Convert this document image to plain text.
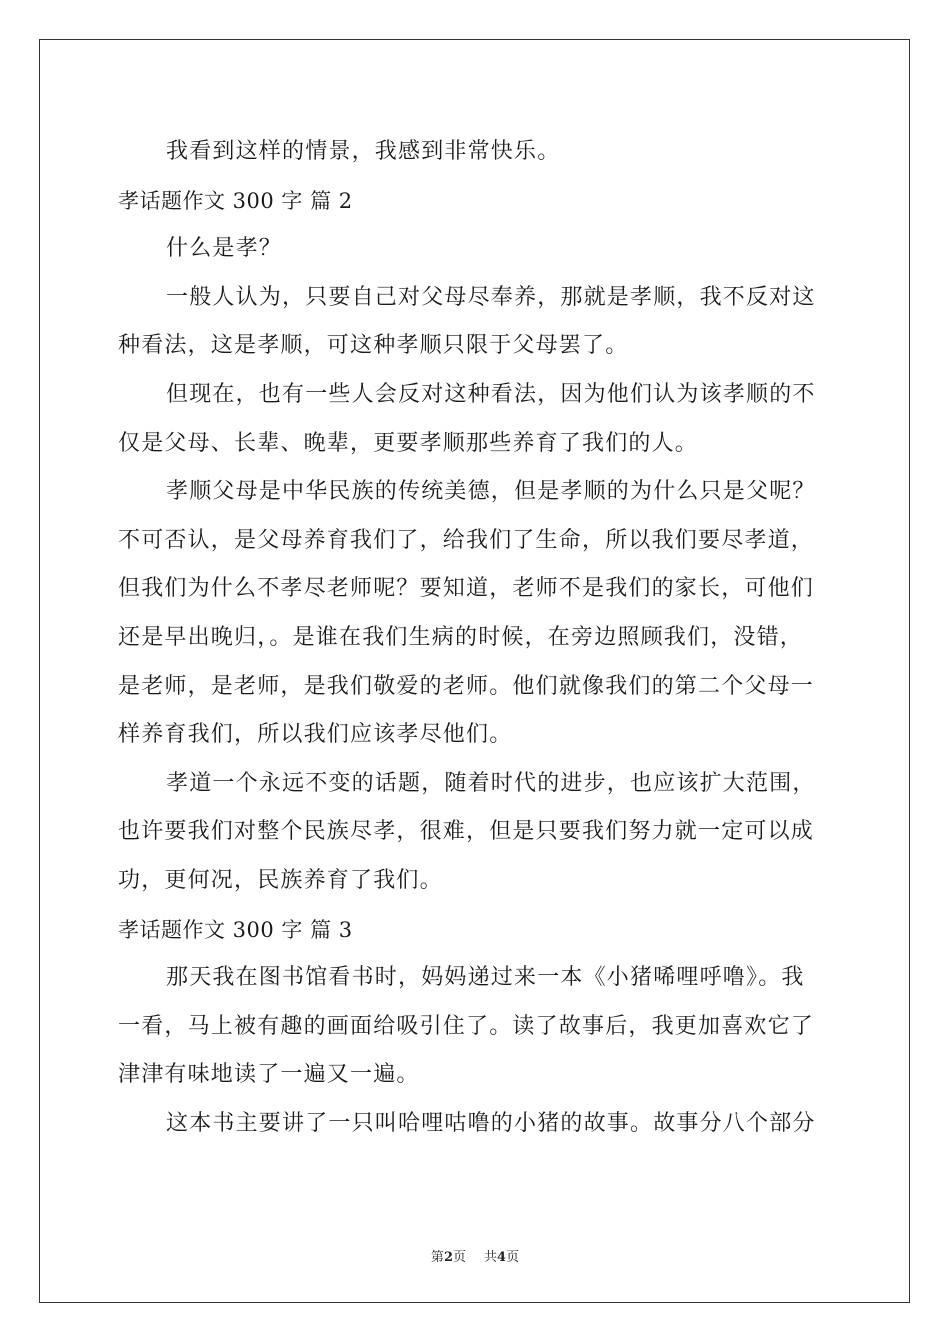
我看到这样的情景，我感到非常快乐。
孝话题作文 300 字 篇 2
什么是孝？
一般人认为，只要自己对父母尽奉养，那就是孝顺，我不反对这
种看法，这是孝顺，可这种孝顺只限于父母罢了。
但现在，也有一些人会反对这种看法，因为他们认为该孝顺的不
仅是父母、长辈、晚辈，更要孝顺那些养育了我们的人。
孝顺父母是中华民族的传统美德，但是孝顺的为什么只是父呢？
不可否认，是父母养育我们了，给我们了生命，所以我们要尽孝道，
但我们为什么不孝尽老师呢？要知道，老师不是我们的家长，可他们
还是早出晚归，。是谁在我们生病的时候，在旁边照顾我们，没错，
是老师，是老师，是我们敬爱的老师。他们就像我们的第二个父母一
样养育我们，所以我们应该孝尽他们。
孝道一个永远不变的话题，随着时代的进步，也应该扩大范围，
也许要我们对整个民族尽孝，很难，但是只要我们努力就一定可以成
功，更何况，民族养育了我们。
孝话题作文 300 字 篇 3
那天我在图书馆看书时，妈妈递过来一本《小猪唏哩呼噜》。我
一看，马上被有趣的画面给吸引住了。读了故事后，我更加喜欢它了
津津有味地读了一遍又一遍。
这本书主要讲了一只叫哈哩咕噜的小猪的故事。故事分八个部分
第2页 共4页
